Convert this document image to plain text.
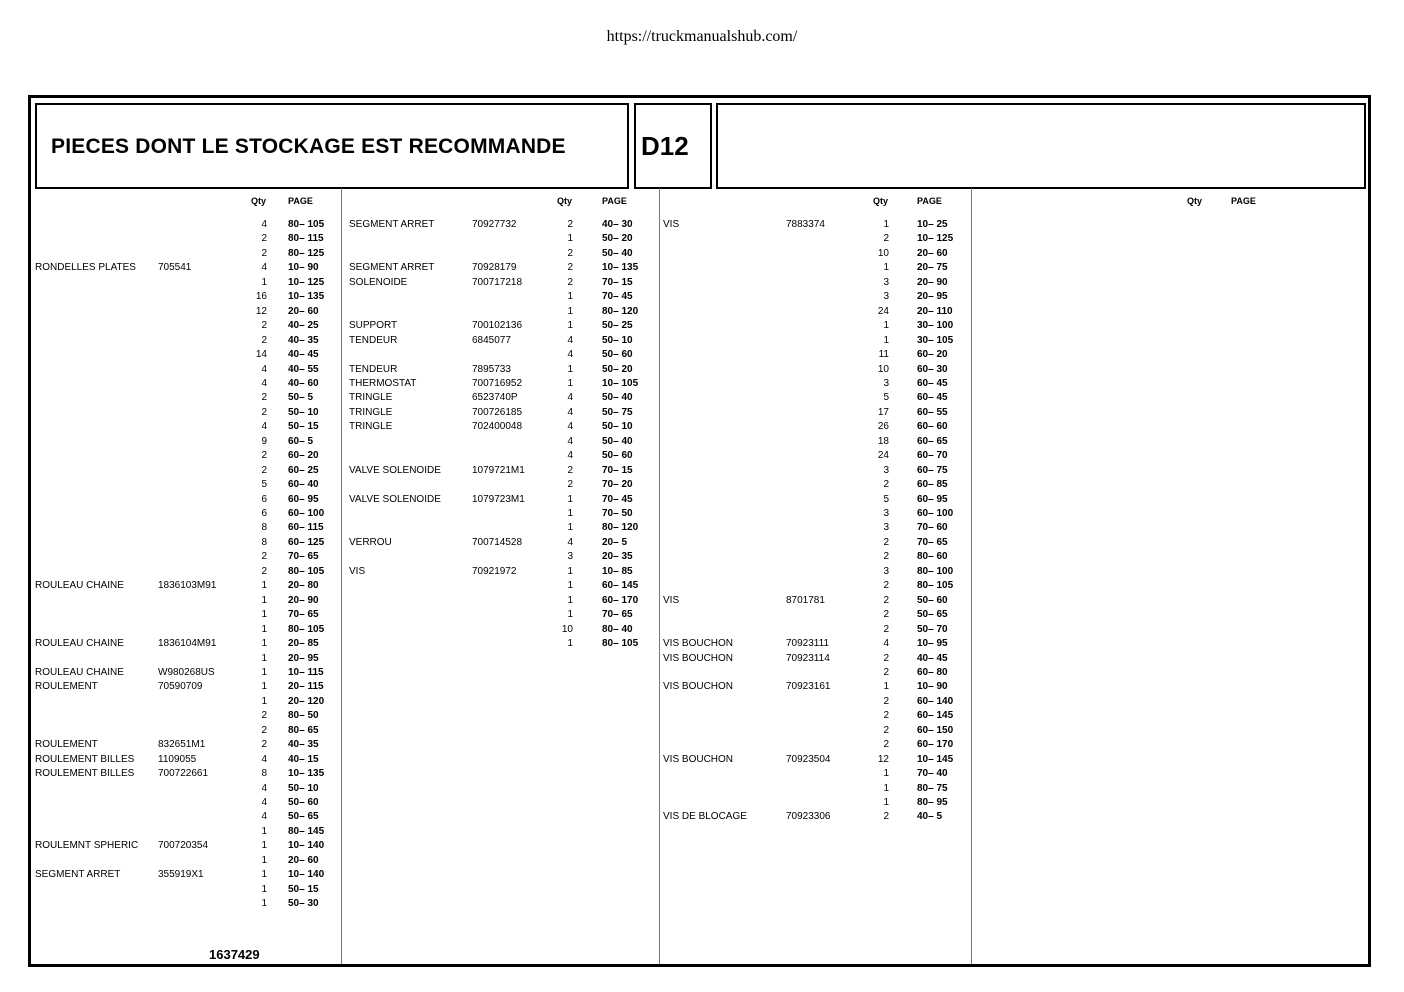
https://truckmanualshub.com/
PIECES DONT LE STOCKAGE EST RECOMMANDE	D12
Qty PAGE
4 80– 105
2 80– 115
2 80– 125
RONDELLES PLATES 705541	4 10– 90
1 10– 125
16 10– 135
12 20– 60
2 40– 25
2 40– 35
14 40– 45
4 40– 55
4 40– 60
2 50– 5
2 50– 10
4 50– 15
9 60– 5
2 60– 20
2 60– 25
5 60– 40
6 60– 95
6 60– 100
8 60– 115
8 60– 125
2 70– 65
2 80– 105
ROULEAU CHAINE	1836103M91	1 20– 80
1 20– 90
1 70– 65
1 80– 105
ROULEAU CHAINE	1836104M91	1 20– 85
1 20– 95
ROULEAU CHAINE	W980268US	1 10– 115
ROULEMENT	70590709	1 20– 115
1 20– 120
2 80– 50
2 80– 65
ROULEMENT	832651M1	2 40– 35
ROULEMENT BILLES 1109055	4 40– 15
ROULEMENT BILLES 700722661	8 10– 135
4 50– 10
4 50– 60
4 50– 65
1 80– 145
ROULEMNT SPHERIC 700720354	1 10– 140
1 20– 60
SEGMENT ARRET	355919X1	1 10– 140
1 50– 15
1 50– 30
Qty	PAGE
SEGMENT ARRET	70927732	2	40– 30
1	50– 20
2	50– 40
SEGMENT ARRET	70928179	2	10– 135
SOLENOIDE	700717218	2	70– 15
1	70– 45
1	80– 120
SUPPORT	700102136	1	50– 25
TENDEUR	6845077	4	50– 10
4	50– 60
TENDEUR	7895733	1	50– 20
THERMOSTAT	700716952	1	10– 105
TRINGLE	6523740P	4	50– 40
TRINGLE	700726185	4	50– 75
TRINGLE	702400048	4	50– 10
4	50– 40
4	50– 60
VALVE SOLENOIDE	1079721M1	2	70– 15
2	70– 20
VALVE SOLENOIDE	1079723M1	1	70– 45
1	70– 50
1	80– 120
VERROU	700714528	4	20– 5
3	20– 35
VIS	70921972	1	10– 85
1	60– 145
1	60– 170
1	70– 65
10	80– 40
1	80– 105
Qty	PAGE
VIS	7883374	1	10– 25
2	10– 125
10	20– 60
1	20– 75
3	20– 90
3	20– 95
24	20– 110
1	30– 100
1	30– 105
11	60– 20
10	60– 30
3	60– 45
5	60– 45
17	60– 55
26	60– 60
18	60– 65
24	60– 70
3	60– 75
2	60– 85
5	60– 95
3	60– 100
3	70– 60
2	70– 65
2	80– 60
3	80– 100
2	80– 105
VIS	8701781	2	50– 60
2	50– 65
2	50– 70
VIS BOUCHON	70923111	4	10– 95
VIS BOUCHON	70923114	2	40– 45
2	60– 80
VIS BOUCHON	70923161	1	10– 90
2	60– 140
2	60– 145
2	60– 150
2	60– 170
VIS BOUCHON	70923504	12	10– 145
1	70– 40
1	80– 75
1	80– 95
VIS DE BLOCAGE	70923306	2	40– 5
Qty	PAGE
1637429
